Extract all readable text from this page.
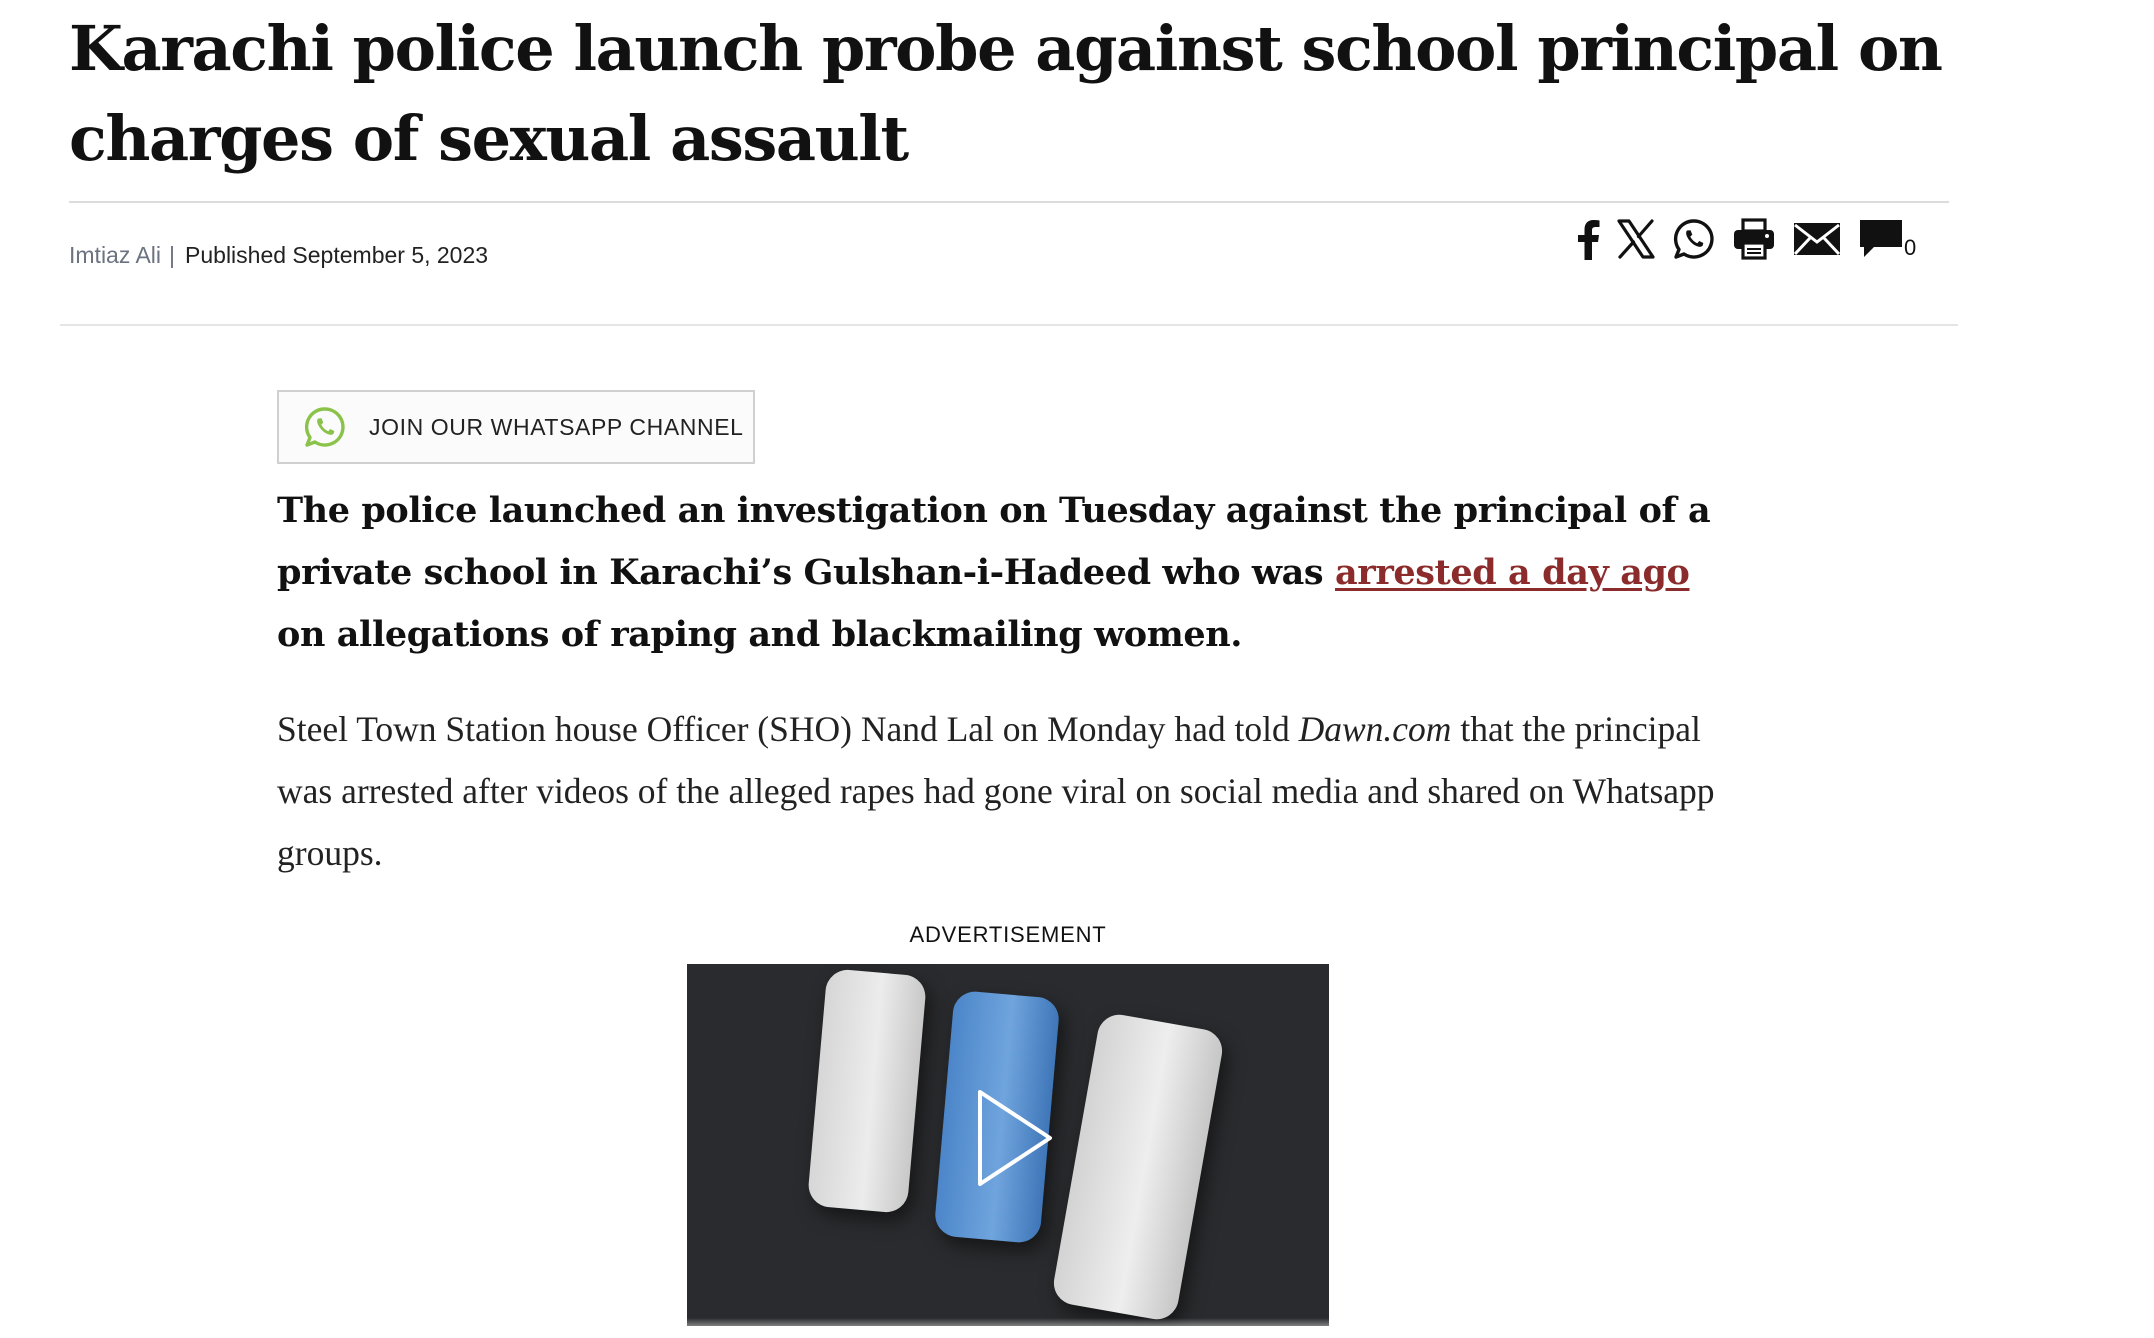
Karachi police launch probe against school principal on charges of sexual assault
Imtiaz Ali | Published September 5, 2023	0
JOIN OUR WHATSAPP CHANNEL

The police launched an investigation on Tuesday against the principal of a private school in Karachi’s Gulshan-i-Hadeed who was arrested a day ago on allegations of raping and blackmailing women.

Steel Town Station house Officer (SHO) Nand Lal on Monday had told Dawn.com that the principal was arrested after videos of the alleged rapes had gone viral on social media and shared on Whatsapp groups.

ADVERTISEMENT
